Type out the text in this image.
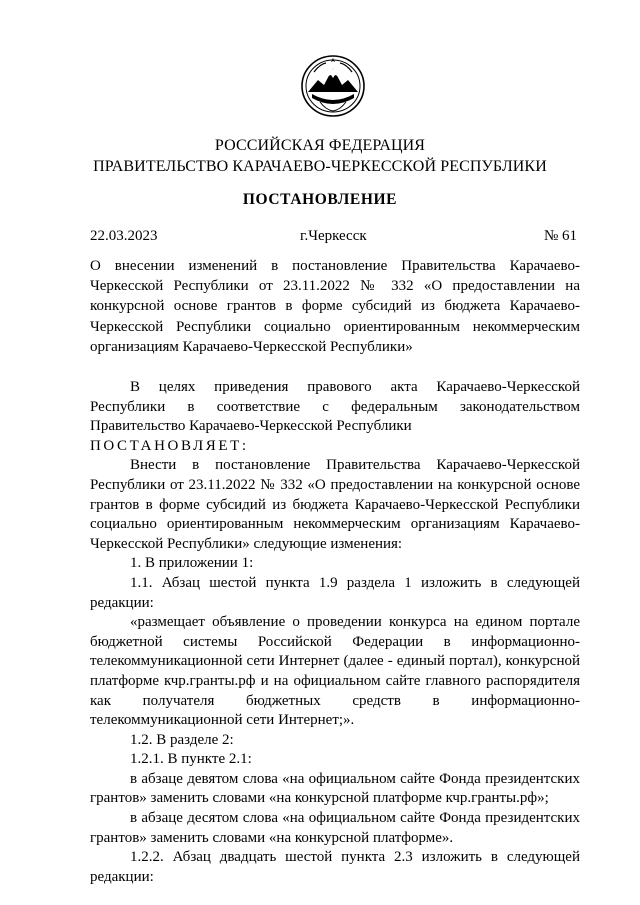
РОССИЙСКАЯ ФЕДЕРАЦИЯ
ПРАВИТЕЛЬСТВО КАРАЧАЕВО-ЧЕРКЕССКОЙ РЕСПУБЛИКИ
ПОСТАНОВЛЕНИЕ
22.03.2023	г.Черкесск	№ 61
О внесении изменений в постановление Правительства Карачаево-Черкесской Республики от 23.11.2022 № 332 «О предоставлении на конкурсной основе грантов в форме субсидий из бюджета Карачаево-Черкесской Республики социально ориентированным некоммерческим организациям Карачаево-Черкесской Республики»

В целях приведения правового акта Карачаево-Черкесской Республики в соответствие с федеральным законодательством Правительство Карачаево-Черкесской Республики

ПОСТАНОВЛЯЕТ:

Внести в постановление Правительства Карачаево-Черкесской Республики от 23.11.2022 № 332 «О предоставлении на конкурсной основе грантов в форме субсидий из бюджета Карачаево-Черкесской Республики социально ориентированным некоммерческим организациям Карачаево-Черкесской Республики» следующие изменения:

1. В приложении 1:

1.1. Абзац шестой пункта 1.9 раздела 1 изложить в следующей редакции:

«размещает объявление о проведении конкурса на едином портале бюджетной системы Российской Федерации в информационно-телекоммуникационной сети Интернет (далее - единый портал), конкурсной платформе кчр.гранты.рф и на официальном сайте главного распорядителя как получателя бюджетных средств в информационно-телекоммуникационной сети Интернет;».

1.2. В разделе 2:

1.2.1. В пункте 2.1:

в абзаце девятом слова «на официальном сайте Фонда президентских грантов» заменить словами «на конкурсной платформе кчр.гранты.рф»;

в абзаце десятом слова «на официальном сайте Фонда президентских грантов» заменить словами «на конкурсной платформе».

1.2.2. Абзац двадцать шестой пункта 2.3 изложить в следующей редакции:
